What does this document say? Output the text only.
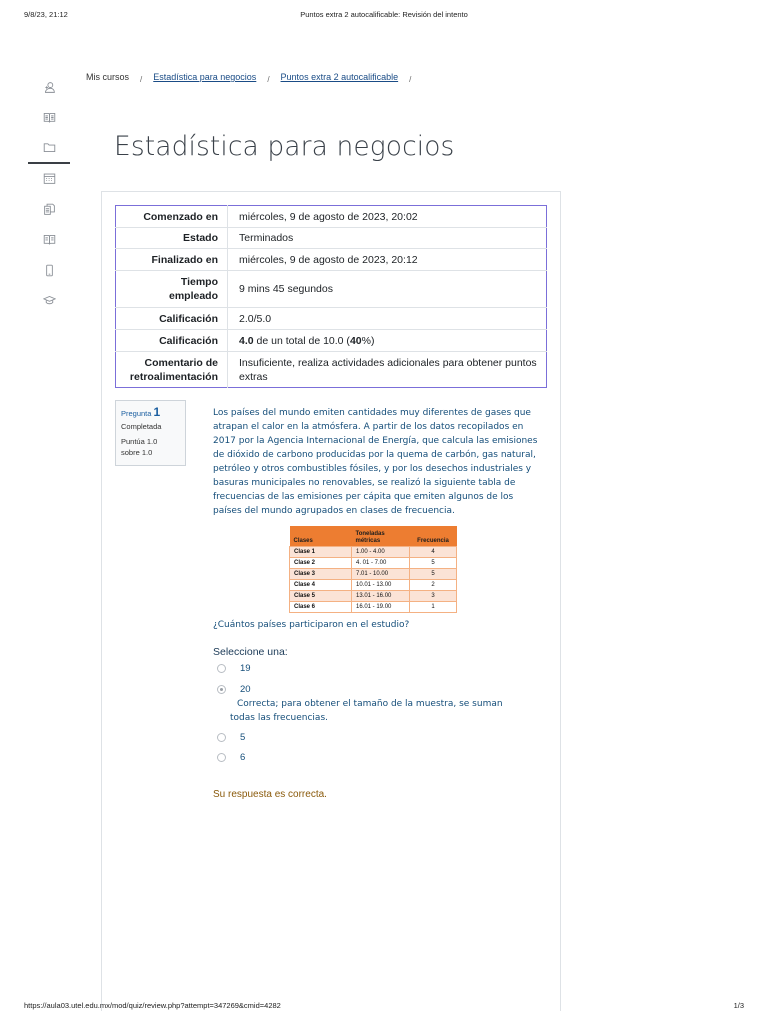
9/8/23, 21:12	Puntos extra 2 autocalificable: Revisión del intento
Mis cursos / Estadística para negocios / Puntos extra 2 autocalificable /
Estadística para negocios
Comenzado en	miércoles, 9 de agosto de 2023, 20:02
Estado	Terminados
Finalizado en	miércoles, 9 de agosto de 2023, 20:12
Tiempo
empleado	9 mins 45 segundos
Calificación	2.0/5.0
Calificación	4.0 de un total de 10.0 (40%)
Comentario de
retroalimentación	Insuficiente, realiza actividades adicionales para obtener puntos extras
Pregunta 1
Completada
Puntúa 1.0
sobre 1.0

Los países del mundo emiten cantidades muy diferentes de gases que atrapan el calor en la atmósfera. A partir de los datos recopilados en 2017 por la Agencia Internacional de Energía, que calcula las emisiones de dióxido de carbono producidas por la quema de carbón, gas natural, petróleo y otros combustibles fósiles, y por los desechos industriales y basuras municipales no renovables, se realizó la siguiente tabla de frecuencias de las emisiones per cápita que emiten algunos de los países del mundo agrupados en clases de frecuencia.

Clases	Toneladas métricas	Frecuencia
Clase 1	1.00 - 4.00	4
Clase 2	4. 01 - 7.00	5
Clase 3	7.01 - 10.00	5
Clase 4	10.01 - 13.00	2
Clase 5	13.01 - 16.00	3
Clase 6	16.01 - 19.00	1

¿Cuántos países participaron en el estudio?

Seleccione una:

19
20

Correcta; para obtener el tamaño de la muestra, se suman todas las frecuencias.

5
6

Su respuesta es correcta.

https://aula03.utel.edu.mx/mod/quiz/review.php?attempt=347269&cmid=4282	1/3
